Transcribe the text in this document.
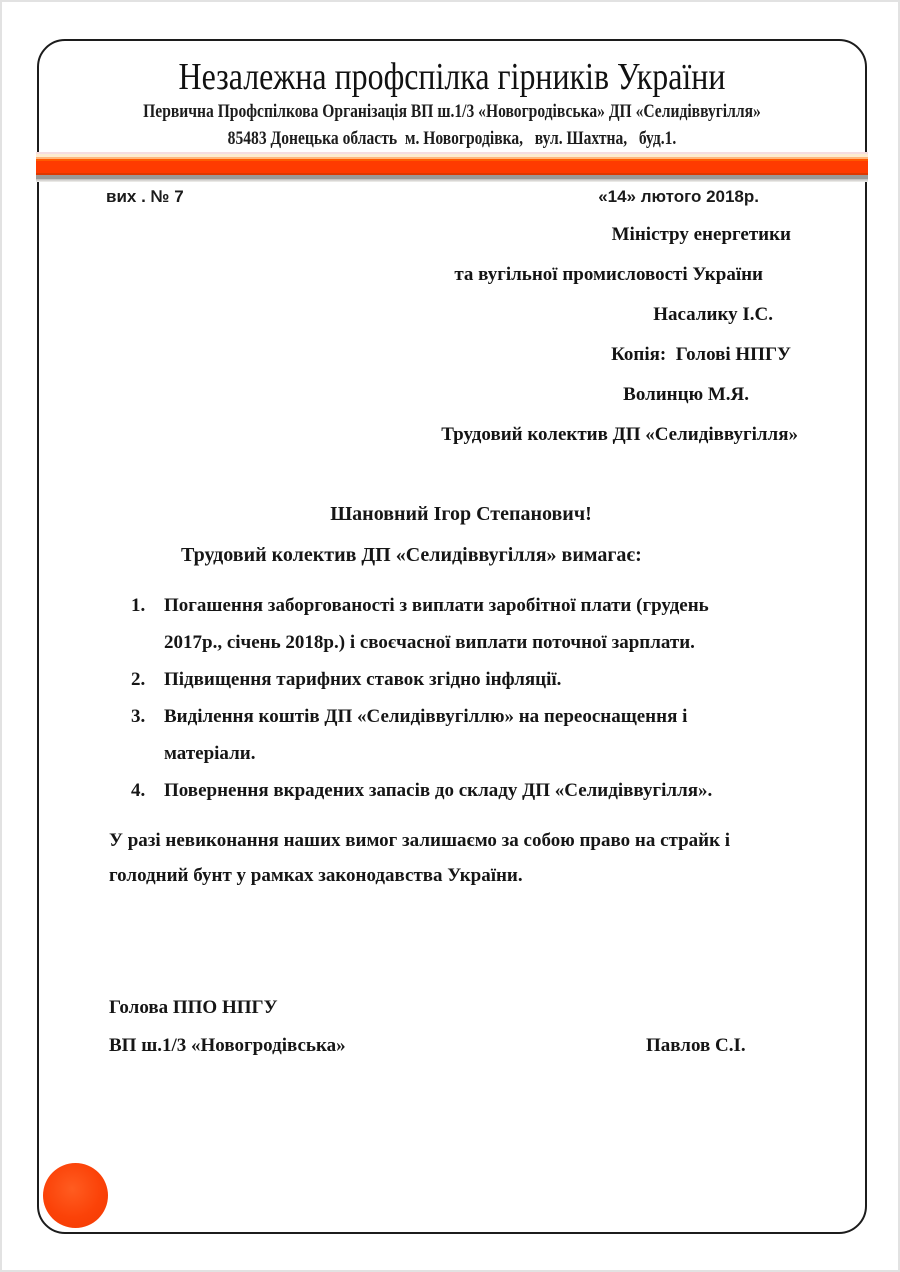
Незалежна профспілка гірників України
Первична Профспілкова Організація ВП ш.1/3 «Новогродівська» ДП «Селидіввугілля»
85483 Донецька область  м. Новогродівка,   вул. Шахтна,   буд.1.
вих . № 7	«14» лютого 2018р.
Міністру енергетики
та вугільної промисловості України
Насалику І.С.
Копія:  Голові НПГУ
Волинцю М.Я.
Трудовий колектив ДП «Селидіввугілля»
Шановний Ігор Степанович!
Трудовий колектив ДП «Селидіввугілля» вимагає:
1. Погашення заборгованості з виплати заробітної плати (грудень
2017р., січень 2018р.) і своєчасної виплати поточної зарплати.
2. Підвищення тарифних ставок згідно інфляції.
3. Виділення коштів ДП «Селидіввугіллю» на переоснащення і
матеріали.
4. Повернення вкрадених запасів до складу ДП «Селидіввугілля».
У разі невиконання наших вимог залишаємо за собою право на страйк і
голодний бунт у рамках законодавства України.
Голова ППО НПГУ
ВП ш.1/3 «Новогродівська»	Павлов С.І.
